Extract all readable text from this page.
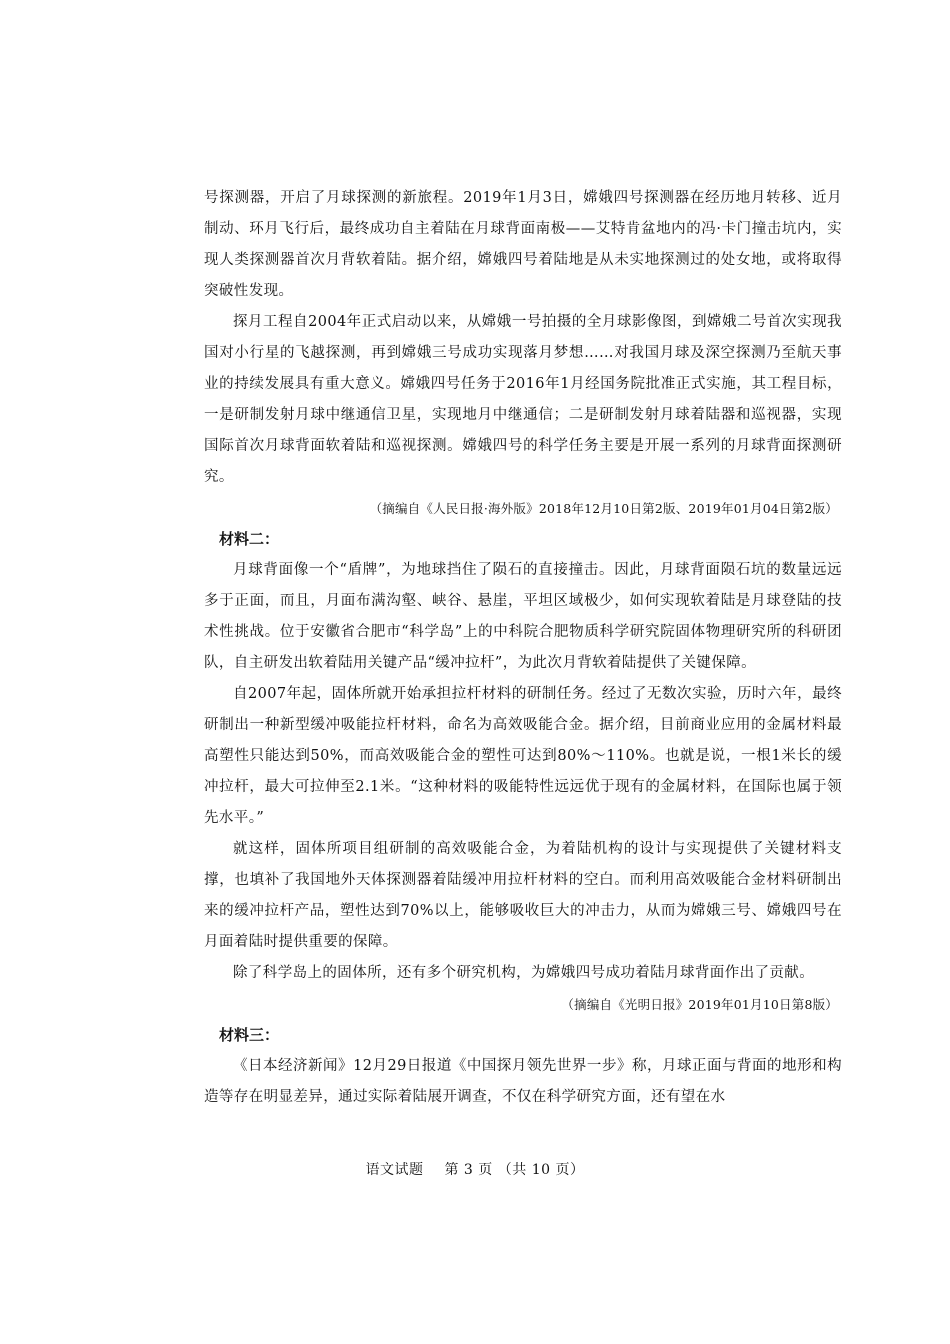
号探测器，开启了月球探测的新旅程。2019年1月3日，嫦娥四号探测器在经历地月转移、近月制动、环月飞行后，最终成功自主着陆在月球背面南极——艾特肯盆地内的冯·卡门撞击坑内，实现人类探测器首次月背软着陆。据介绍，嫦娥四号着陆地是从未实地探测过的处女地，或将取得突破性发现。

探月工程自2004年正式启动以来，从嫦娥一号拍摄的全月球影像图，到嫦娥二号首次实现我国对小行星的飞越探测，再到嫦娥三号成功实现落月梦想……对我国月球及深空探测乃至航天事业的持续发展具有重大意义。嫦娥四号任务于2016年1月经国务院批准正式实施，其工程目标，一是研制发射月球中继通信卫星，实现地月中继通信；二是研制发射月球着陆器和巡视器，实现国际首次月球背面软着陆和巡视探测。嫦娥四号的科学任务主要是开展一系列的月球背面探测研究。

（摘编自《人民日报·海外版》2018年12月10日第2版、2019年01月04日第2版）

材料二：

月球背面像一个“盾牌”，为地球挡住了陨石的直接撞击。因此，月球背面陨石坑的数量远远多于正面，而且，月面布满沟壑、峡谷、悬崖，平坦区域极少，如何实现软着陆是月球登陆的技术性挑战。位于安徽省合肥市“科学岛”上的中科院合肥物质科学研究院固体物理研究所的科研团队，自主研发出软着陆用关键产品“缓冲拉杆”，为此次月背软着陆提供了关键保障。

自2007年起，固体所就开始承担拉杆材料的研制任务。经过了无数次实验，历时六年，最终研制出一种新型缓冲吸能拉杆材料，命名为高效吸能合金。据介绍，目前商业应用的金属材料最高塑性只能达到50%，而高效吸能合金的塑性可达到80%～110%。也就是说，一根1米长的缓冲拉杆，最大可拉伸至2.1米。“这种材料的吸能特性远远优于现有的金属材料，在国际也属于领先水平。”

就这样，固体所项目组研制的高效吸能合金，为着陆机构的设计与实现提供了关键材料支撑，也填补了我国地外天体探测器着陆缓冲用拉杆材料的空白。而利用高效吸能合金材料研制出来的缓冲拉杆产品，塑性达到70%以上，能够吸收巨大的冲击力，从而为嫦娥三号、嫦娥四号在月面着陆时提供重要的保障。

除了科学岛上的固体所，还有多个研究机构，为嫦娥四号成功着陆月球背面作出了贡献。

（摘编自《光明日报》2019年01月10日第8版）

材料三：

《日本经济新闻》12月29日报道《中国探月领先世界一步》称，月球正面与背面的地形和构造等存在明显差异，通过实际着陆展开调查，不仅在科学研究方面，还有望在水

语文试题 第 3 页 （共 10 页）
